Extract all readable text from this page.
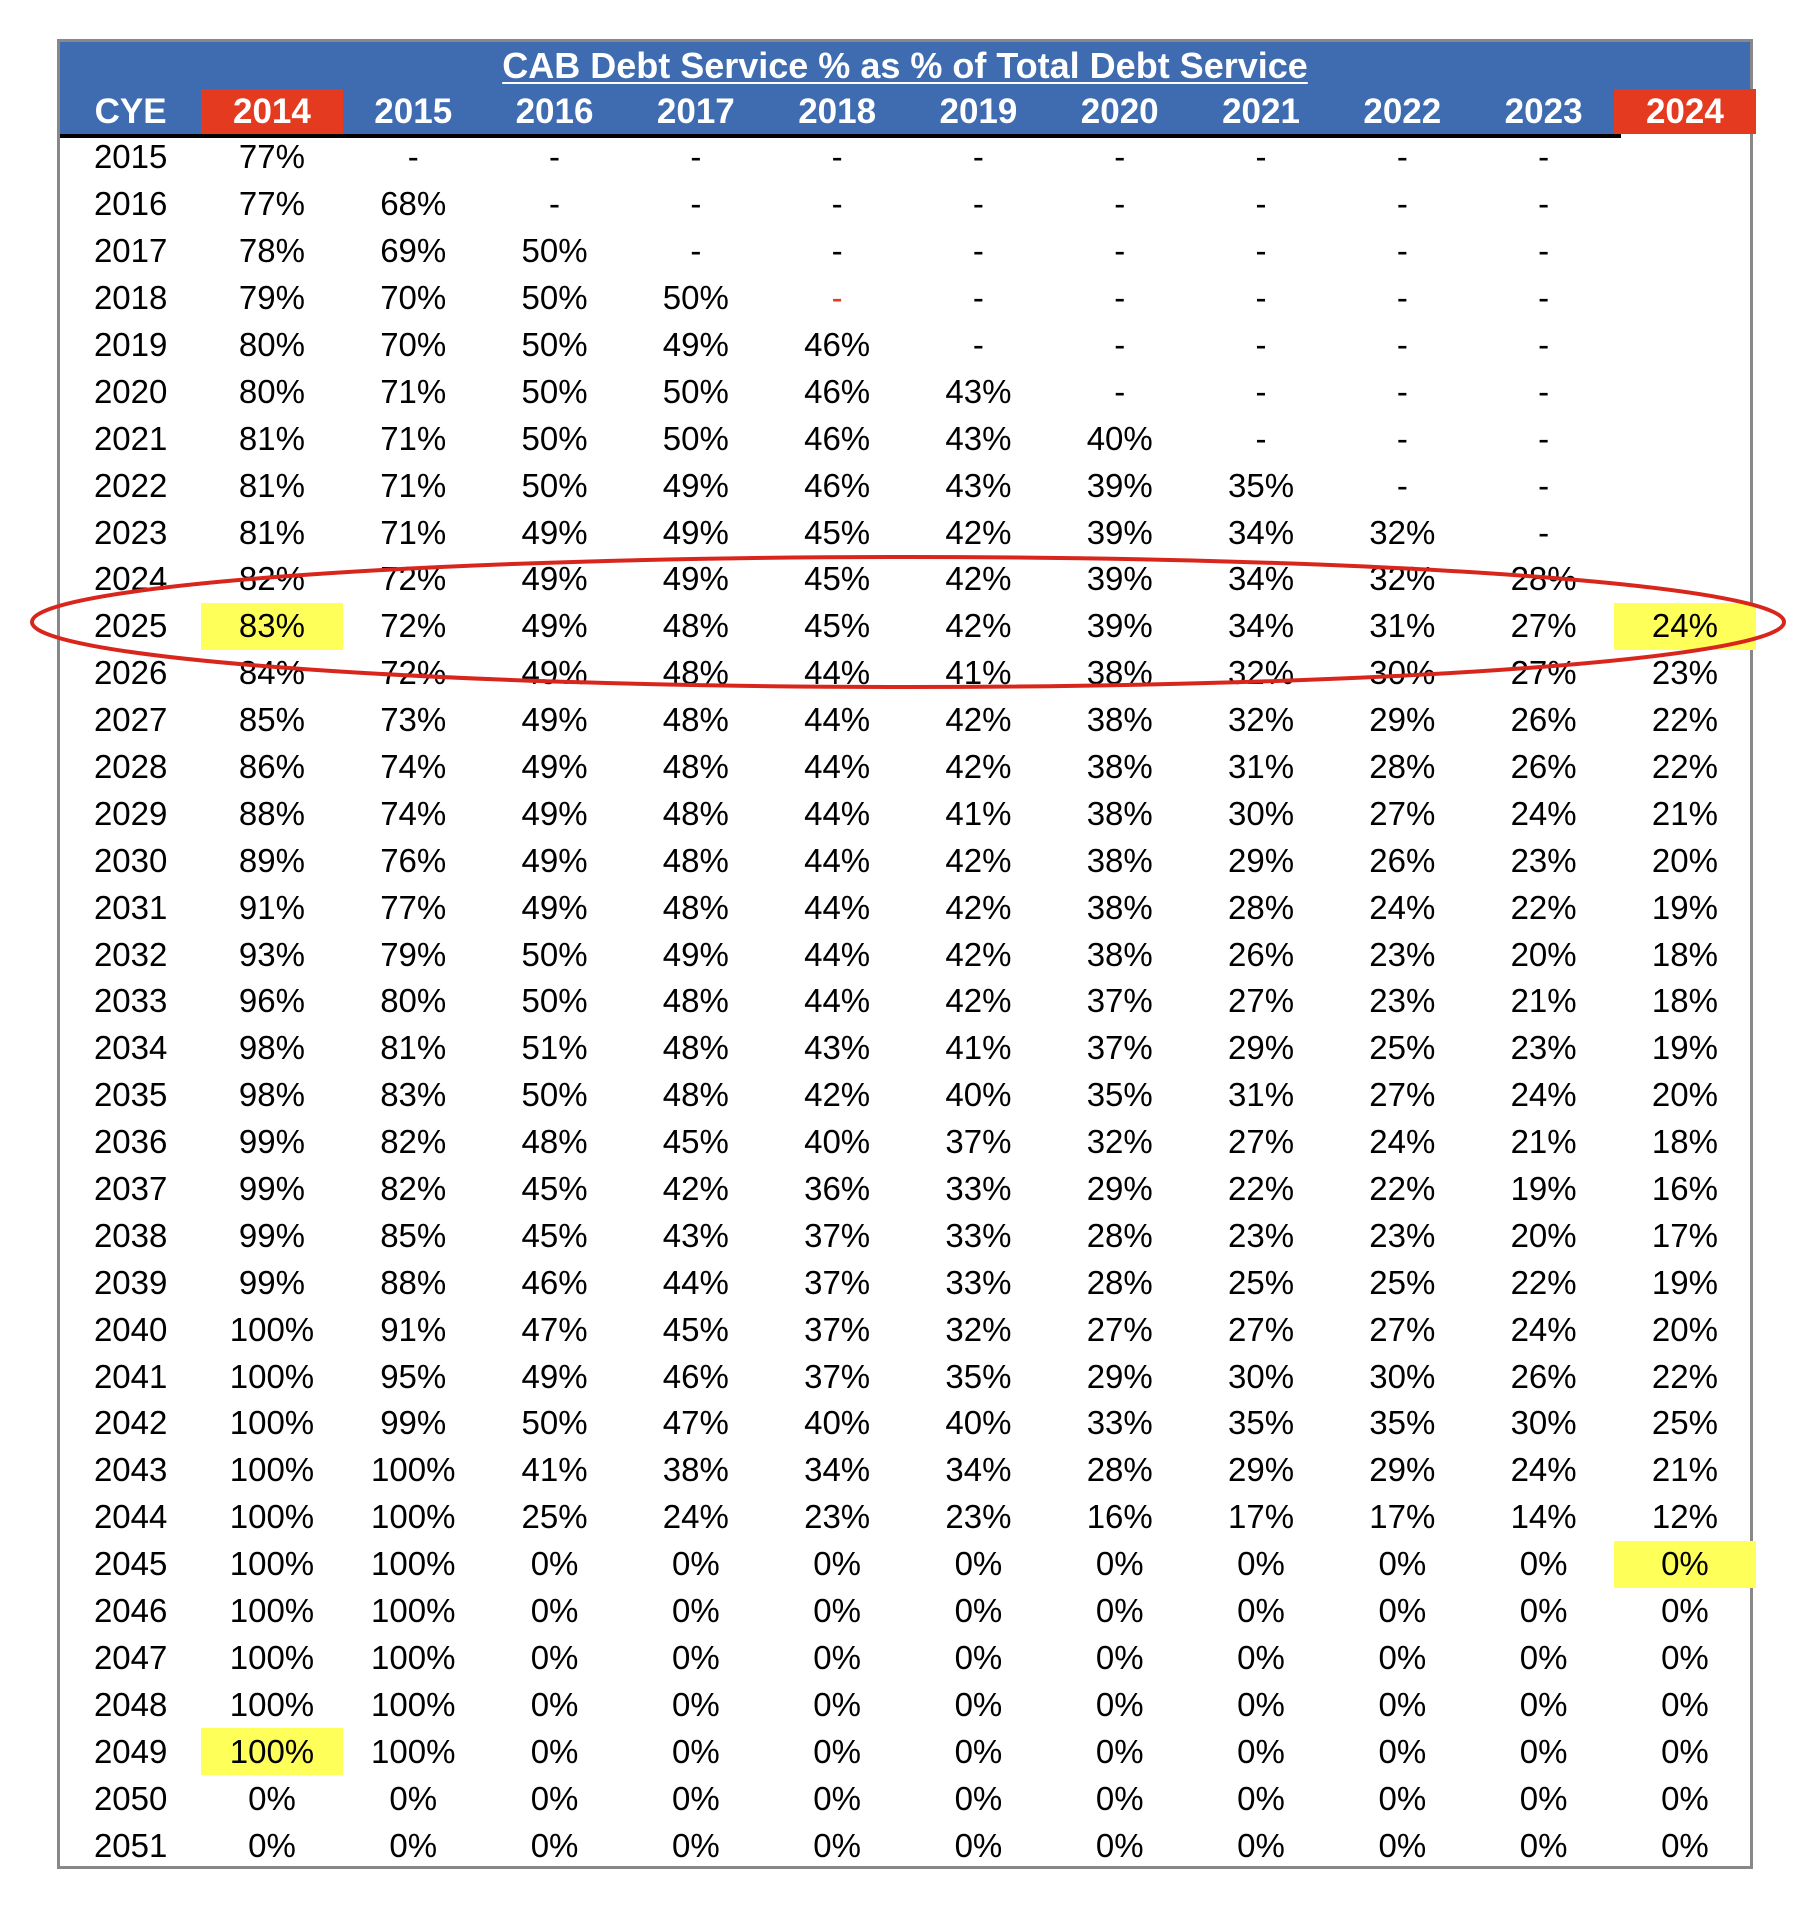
CAB Debt Service % as % of Total Debt Service
CYE	2014	2015	2016	2017	2018	2019	2020	2021	2022	2023	2024
2015	77%	-	-	-	-	-	-	-	-	-
2016	77%	68%	-	-	-	-	-	-	-	-
2017	78%	69%	50%	-	-	-	-	-	-	-
2018	79%	70%	50%	50%	-	-	-	-	-	-
2019	80%	70%	50%	49%	46%	-	-	-	-	-
2020	80%	71%	50%	50%	46%	43%	-	-	-	-
2021	81%	71%	50%	50%	46%	43%	40%	-	-	-
2022	81%	71%	50%	49%	46%	43%	39%	35%	-	-
2023	81%	71%	49%	49%	45%	42%	39%	34%	32%	-
2024	82%	72%	49%	49%	45%	42%	39%	34%	32%	28%
2025	83%	72%	49%	48%	45%	42%	39%	34%	31%	27%	24%
2026	84%	72%	49%	48%	44%	41%	38%	32%	30%	27%	23%
2027	85%	73%	49%	48%	44%	42%	38%	32%	29%	26%	22%
2028	86%	74%	49%	48%	44%	42%	38%	31%	28%	26%	22%
2029	88%	74%	49%	48%	44%	41%	38%	30%	27%	24%	21%
2030	89%	76%	49%	48%	44%	42%	38%	29%	26%	23%	20%
2031	91%	77%	49%	48%	44%	42%	38%	28%	24%	22%	19%
2032	93%	79%	50%	49%	44%	42%	38%	26%	23%	20%	18%
2033	96%	80%	50%	48%	44%	42%	37%	27%	23%	21%	18%
2034	98%	81%	51%	48%	43%	41%	37%	29%	25%	23%	19%
2035	98%	83%	50%	48%	42%	40%	35%	31%	27%	24%	20%
2036	99%	82%	48%	45%	40%	37%	32%	27%	24%	21%	18%
2037	99%	82%	45%	42%	36%	33%	29%	22%	22%	19%	16%
2038	99%	85%	45%	43%	37%	33%	28%	23%	23%	20%	17%
2039	99%	88%	46%	44%	37%	33%	28%	25%	25%	22%	19%
2040	100%	91%	47%	45%	37%	32%	27%	27%	27%	24%	20%
2041	100%	95%	49%	46%	37%	35%	29%	30%	30%	26%	22%
2042	100%	99%	50%	47%	40%	40%	33%	35%	35%	30%	25%
2043	100%	100%	41%	38%	34%	34%	28%	29%	29%	24%	21%
2044	100%	100%	25%	24%	23%	23%	16%	17%	17%	14%	12%
2045	100%	100%	0%	0%	0%	0%	0%	0%	0%	0%	0%
2046	100%	100%	0%	0%	0%	0%	0%	0%	0%	0%	0%
2047	100%	100%	0%	0%	0%	0%	0%	0%	0%	0%	0%
2048	100%	100%	0%	0%	0%	0%	0%	0%	0%	0%	0%
2049	100%	100%	0%	0%	0%	0%	0%	0%	0%	0%	0%
2050	0%	0%	0%	0%	0%	0%	0%	0%	0%	0%	0%
2051	0%	0%	0%	0%	0%	0%	0%	0%	0%	0%	0%
